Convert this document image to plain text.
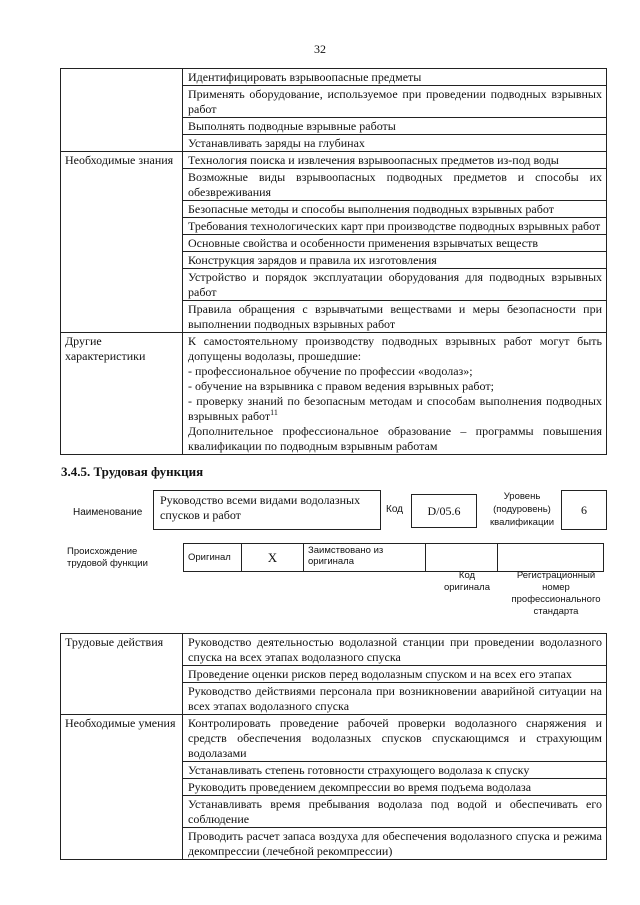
32
	Идентифицировать взрывоопасные предметы
	Применять оборудование, используемое при проведении подводных взрывных работ
	Выполнять подводные взрывные работы
	Устанавливать заряды на глубинах
Необходимые знания	Технология поиска и извлечения взрывоопасных предметов из-под воды
	Возможные виды взрывоопасных подводных предметов и способы их обезвреживания
	Безопасные методы и способы выполнения подводных взрывных работ
	Требования технологических карт при производстве подводных взрывных работ
	Основные свойства и особенности применения взрывчатых веществ
	Конструкция зарядов и правила их изготовления
	Устройство и порядок эксплуатации оборудования для подводных взрывных работ
	Правила обращения с взрывчатыми веществами и меры безопасности при выполнении подводных взрывных работ
Другие характеристики	К самостоятельному производству подводных взрывных работ могут быть допущены водолазы, прошедшие:
- профессиональное обучение по профессии «водолаз»;
- обучение на взрывника с правом ведения взрывных работ;
- проверку знаний по безопасным методам и способам выполнения подводных взрывных работ$^{11}$
Дополнительное профессиональное образование – программы повышения квалификации по подводным взрывным работам
3.4.5. Трудовая функция
Наименование
Руководство всеми видами водолазных спусков и работ	Код	D/05.6
Уровень (подуровень) квалификации
6
Происхождение трудовой функции
Оригинал	X	Заимствовано из оригинала		
Код оригинала
Регистрационный номер профессионального стандарта
Трудовые действия	Руководство деятельностью водолазной станции при проведении водолазного спуска на всех этапах водолазного спуска
	Проведение оценки рисков перед водолазным спуском и на всех его этапах
	Руководство действиями персонала при возникновении аварийной ситуации на всех этапах водолазного спуска
Необходимые умения	Контролировать проведение рабочей проверки водолазного снаряжения и средств обеспечения водолазных спусков спускающимся и страхующим водолазами
	Устанавливать степень готовности страхующего водолаза к спуску
	Руководить проведением декомпрессии во время подъема водолаза
	Устанавливать время пребывания водолаза под водой и обеспечивать его соблюдение
	Проводить расчет запаса воздуха для обеспечения водолазного спуска и режима декомпрессии (лечебной рекомпрессии)
